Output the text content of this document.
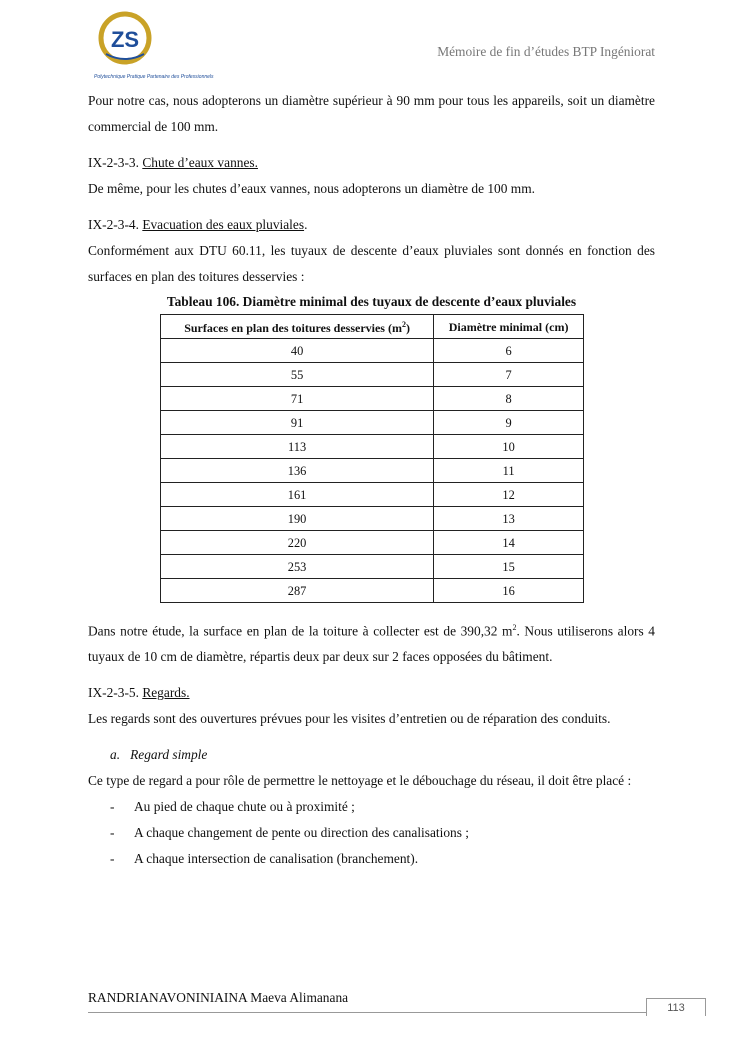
ZS
Polytechnique Pratique Partenaire des Professionnels
Mémoire de fin d’études BTP Ingéniorat

Pour notre cas, nous adopterons un diamètre supérieur à 90 mm pour tous les appareils, soit un diamètre commercial de 100 mm.

IX-2-3-3. Chute d’eaux vannes.

De même, pour les chutes d’eaux vannes, nous adopterons un diamètre de 100 mm.

IX-2-3-4. Evacuation des eaux pluviales.

Conformément aux DTU 60.11, les tuyaux de descente d’eaux pluviales sont donnés en fonction des surfaces en plan des toitures desservies :

Tableau 106. Diamètre minimal des tuyaux de descente d’eaux pluviales

Surfaces en plan des toitures desservies $(m^2)$	Diamètre minimal (cm)
40	6
55	7
71	8
91	9
113	10
136	11
161	12
190	13
220	14
253	15
287	16

Dans notre étude, la surface en plan de la toiture à collecter est de 390,32 $m^2$. Nous utiliserons alors 4 tuyaux de 10 cm de diamètre, répartis deux par deux sur 2 faces opposées du bâtiment.

IX-2-3-5. Regards.

Les regards sont des ouvertures prévues pour les visites d’entretien ou de réparation des conduits.

a. Regard simple

Ce type de regard a pour rôle de permettre le nettoyage et le débouchage du réseau, il doit être placé :

- Au pied de chaque chute ou à proximité ;
- A chaque changement de pente ou direction des canalisations ;
- A chaque intersection de canalisation (branchement).
RANDRIANAVONINIAINA Maeva Alimanana
113
